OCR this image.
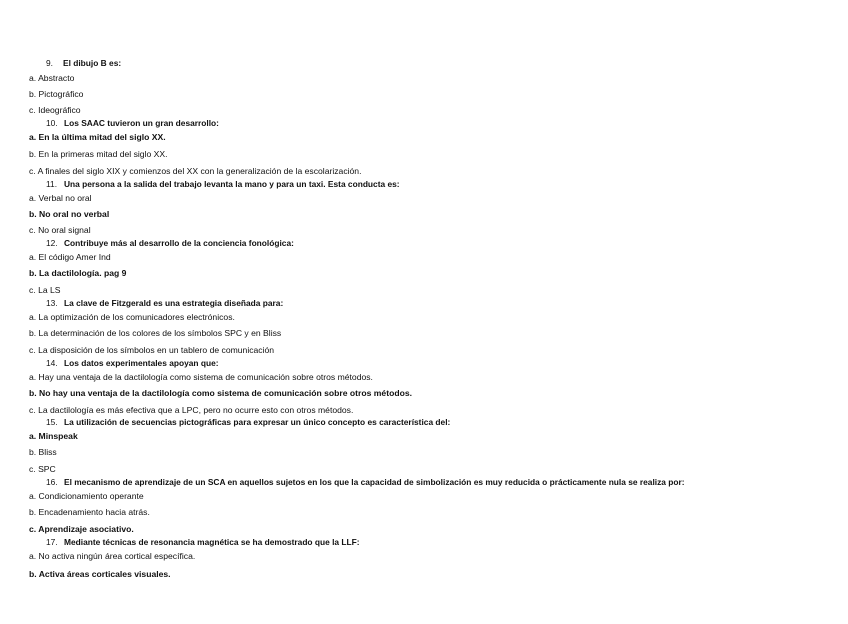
9. El dibujo B es:
a. Abstracto
b. Pictográfico
c. Ideográfico
10. Los SAAC tuvieron un gran desarrollo:
a. En la última mitad del siglo XX.
b. En la primeras mitad del siglo XX.
c. A finales del siglo XIX y comienzos del XX con la generalización de la escolarización.
11. Una persona a la salida del trabajo levanta la mano y para un taxi. Esta conducta es:
a. Verbal no oral
b. No oral no verbal
c. No oral signal
12. Contribuye más al desarrollo de la conciencia fonológica:
a. El código Amer Ind
b. La dactilología. pag 9
c. La LS
13. La clave de Fitzgerald es una estrategia diseñada para:
a. La optimización de los comunicadores electrónicos.
b. La determinación de los colores de los símbolos SPC y en Bliss
c. La disposición de los símbolos en un tablero de comunicación
14. Los datos experimentales apoyan que:
a. Hay una ventaja de la dactilología como sistema de comunicación sobre otros métodos.
b. No hay una ventaja de la dactilología como sistema de comunicación sobre otros métodos.
c. La dactilología es más efectiva que a LPC, pero no ocurre esto con otros métodos.
15. La utilización de secuencias pictográficas para expresar un único concepto es característica del:
a. Minspeak
b. Bliss
c. SPC
16. El mecanismo de aprendizaje de un SCA en aquellos sujetos en los que la capacidad de simbolización es muy reducida o prácticamente nula se realiza por:
a. Condicionamiento operante
b. Encadenamiento hacia atrás.
c. Aprendizaje asociativo.
17. Mediante técnicas de resonancia magnética se ha demostrado que la LLF:
a. No activa ningún área cortical específica.
b. Activa áreas corticales visuales.
